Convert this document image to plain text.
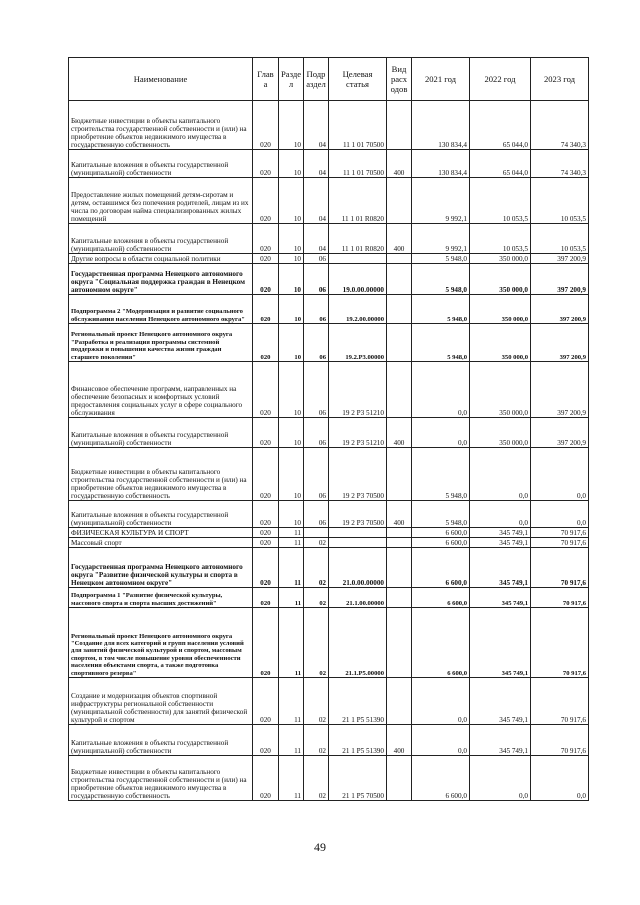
Наименование	Глав а	Разде л	Подр аздел	Целевая статья	Вид расх одов	2021 год	2022 год	2023 год
Бюджетные инвестиции в объекты капитального строительства государственной собственности и (или) на приобретение объектов недвижимого имущества в государственную собственность	020	10	04	11 1 01 70500		130 834,4	65 044,0	74 340,3
Капитальные вложения в объекты государственной (муниципальной) собственности	020	10	04	11 1 01 70500	400	130 834,4	65 044,0	74 340,3
Предоставление жилых помещений детям-сиротам и детям, оставшимся без попечения родителей, лицам из их числа по договорам найма специализированных жилых помещений	020	10	04	11 1 01 R0820		9 992,1	10 053,5	10 053,5
Капитальные вложения в объекты государственной (муниципальной) собственности	020	10	04	11 1 01 R0820	400	9 992,1	10 053,5	10 053,5
Другие вопросы в области социальной политики	020	10	06			5 948,0	350 000,0	397 200,9
Государственная программа Ненецкого автономного округа "Социальная поддержка граждан в Ненецком автономном округе"	020	10	06	19.0.00.00000		5 948,0	350 000,0	397 200,9
Подпрограмма 2 "Модернизация и развитие социального обслуживания населения Ненецкого автономного округа"	020	10	06	19.2.00.00000		5 948,0	350 000,0	397 200,9
Региональный проект Ненецкого автономного округа "Разработка и реализация программы системной поддержки и повышения качества жизни граждан старшего поколения"	020	10	06	19.2.P3.00000		5 948,0	350 000,0	397 200,9
Финансовое обеспечение программ, направленных на обеспечение безопасных и комфортных условий предоставления социальных услуг в сфере социального обслуживания	020	10	06	19 2 P3 51210		0,0	350 000,0	397 200,9
Капитальные вложения в объекты государственной (муниципальной) собственности	020	10	06	19 2 P3 51210	400	0,0	350 000,0	397 200,9
Бюджетные инвестиции в объекты капитального строительства государственной собственности и (или) на приобретение объектов недвижимого имущества в государственную собственность	020	10	06	19 2 P3 70500		5 948,0	0,0	0,0
Капитальные вложения в объекты государственной (муниципальной) собственности	020	10	06	19 2 P3 70500	400	5 948,0	0,0	0,0
ФИЗИЧЕСКАЯ КУЛЬТУРА И СПОРТ	020	11				6 600,0	345 749,1	70 917,6
Массовый спорт	020	11	02			6 600,0	345 749,1	70 917,6
Государственная программа Ненецкого автономного округа "Развитие физической культуры и спорта в Ненецком автономном округе"	020	11	02	21.0.00.00000		6 600,0	345 749,1	70 917,6
Подпрограмма 1 "Развитие физической культуры, массового спорта и спорта высших достижений"	020	11	02	21.1.00.00000		6 600,0	345 749,1	70 917,6
Региональный проект Ненецкого автономного округа "Создание для всех категорий и групп населения условий для занятий физической культурой и спортом, массовым спортом, в том числе повышение уровня обеспеченности населения объектами спорта, а также подготовка спортивного резерва"	020	11	02	21.1.P5.00000		6 600,0	345 749,1	70 917,6
Создание и модернизация объектов спортивной инфраструктуры региональной собственности (муниципальной собственности) для занятий физической культурой и спортом	020	11	02	21 1 P5 51390		0,0	345 749,1	70 917,6
Капитальные вложения в объекты государственной (муниципальной) собственности	020	11	02	21 1 P5 51390	400	0,0	345 749,1	70 917,6
Бюджетные инвестиции в объекты капитального строительства государственной собственности и (или) на приобретение объектов недвижимого имущества в государственную собственность	020	11	02	21 1 P5 70500		6 600,0	0,0	0,0
49
